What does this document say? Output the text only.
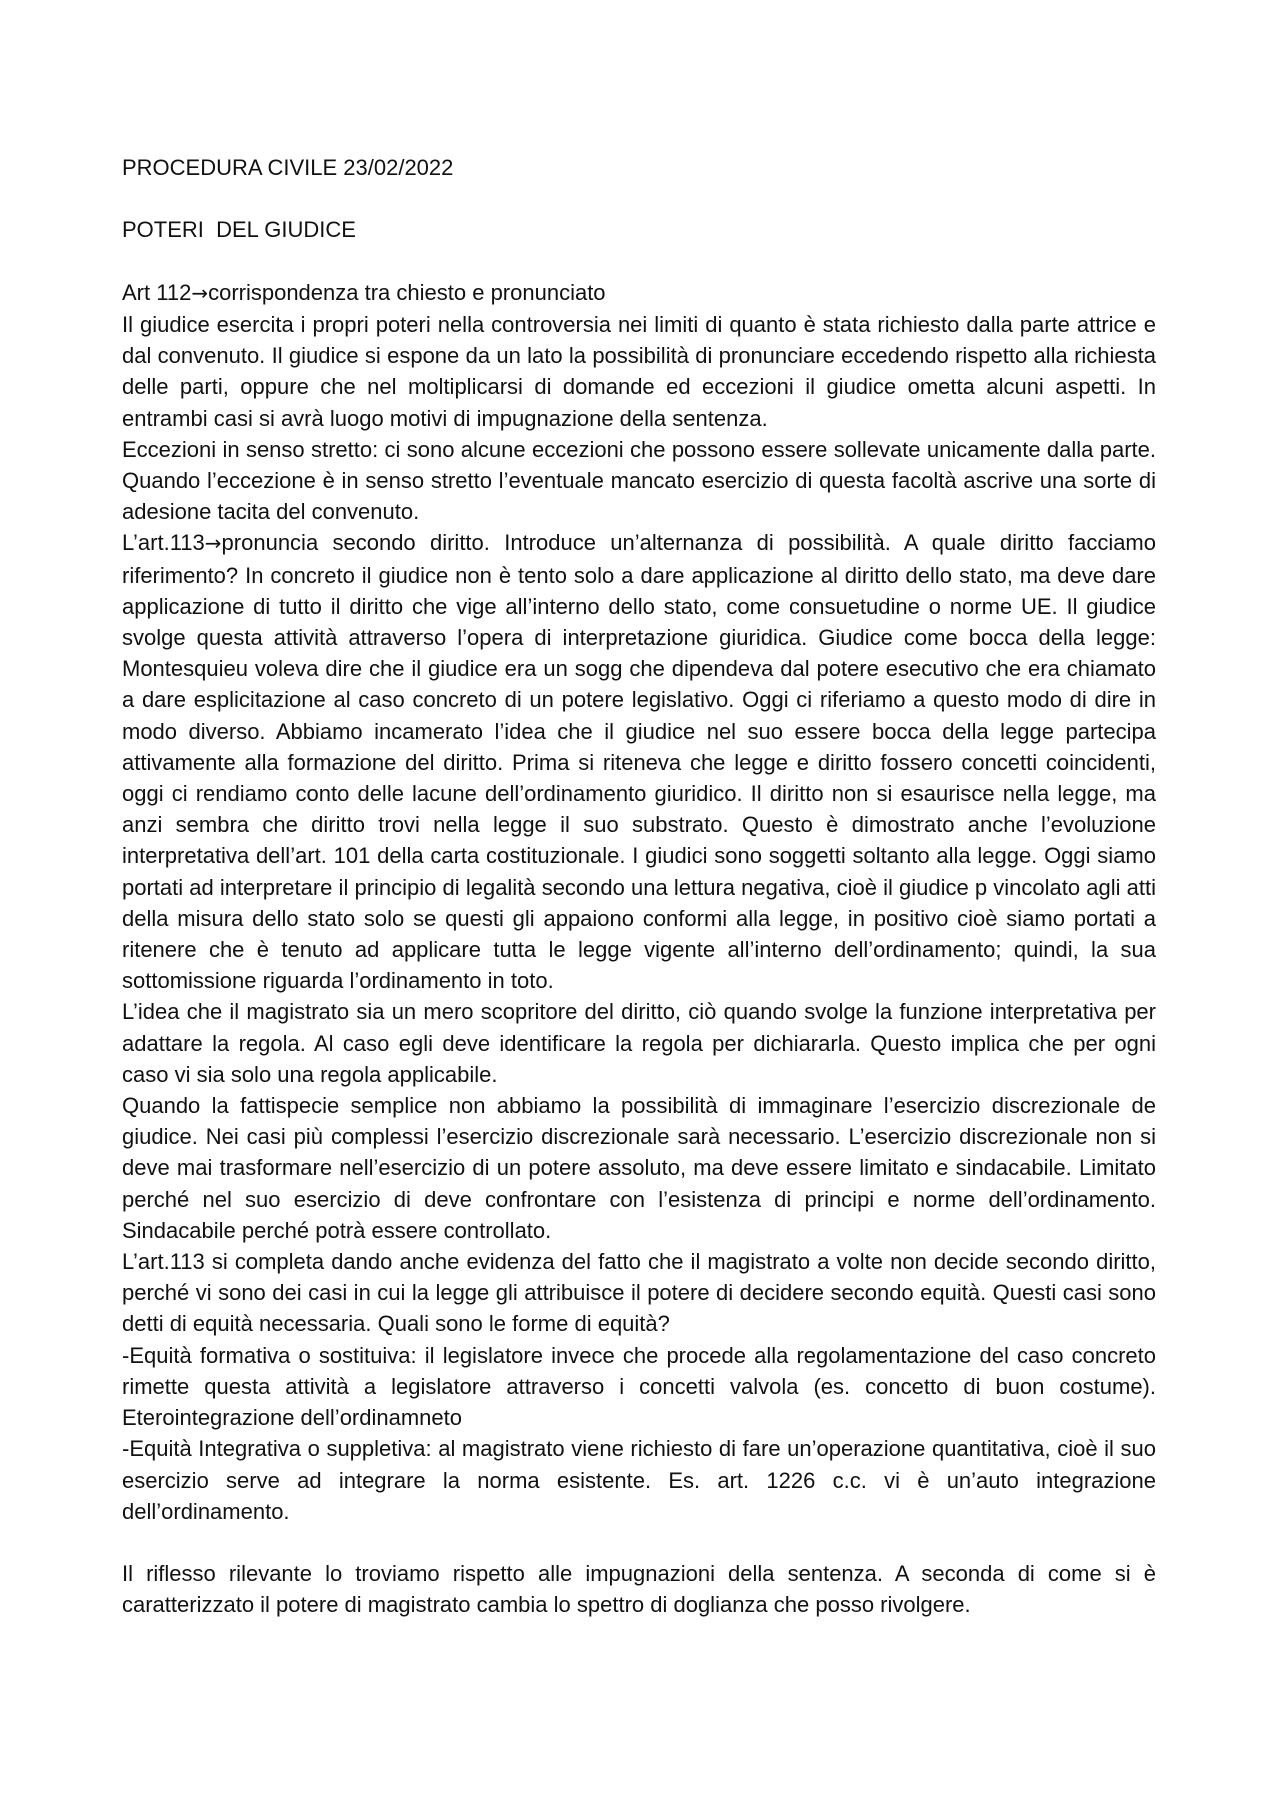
PROCEDURA CIVILE 23/02/2022

POTERI  DEL GIUDICE

Art 112→corrispondenza tra chiesto e pronunciato

Il giudice esercita i propri poteri nella controversia nei limiti di quanto è stata richiesto dalla parte attrice e dal convenuto. Il giudice si espone da un lato la possibilità di pronunciare eccedendo rispetto alla richiesta delle parti, oppure che nel moltiplicarsi di domande ed eccezioni il giudice ometta alcuni aspetti. In entrambi casi si avrà luogo motivi di impugnazione della sentenza.

Eccezioni in senso stretto: ci sono alcune eccezioni che possono essere sollevate unicamente dalla parte. Quando l’eccezione è in senso stretto l’eventuale mancato esercizio di questa facoltà ascrive una sorte di adesione tacita del convenuto.

L’art.113→pronuncia secondo diritto. Introduce un’alternanza di possibilità. A quale diritto facciamo riferimento? In concreto il giudice non è tento solo a dare applicazione al diritto dello stato, ma deve dare applicazione di tutto il diritto che vige all’interno dello stato, come consuetudine o norme UE. Il giudice svolge questa attività attraverso l’opera di interpretazione giuridica. Giudice come bocca della legge: Montesquieu voleva dire che il giudice era un sogg che dipendeva dal potere esecutivo che era chiamato a dare esplicitazione al caso concreto di un potere legislativo. Oggi ci riferiamo a questo modo di dire in modo diverso. Abbiamo incamerato l’idea che il giudice nel suo essere bocca della legge partecipa attivamente alla formazione del diritto. Prima si riteneva che legge e diritto fossero concetti coincidenti, oggi ci rendiamo conto delle lacune dell’ordinamento giuridico. Il diritto non si esaurisce nella legge, ma anzi sembra che diritto trovi nella legge il suo substrato. Questo è dimostrato anche l’evoluzione interpretativa dell’art. 101 della carta costituzionale. I giudici sono soggetti soltanto alla legge. Oggi siamo portati ad interpretare il principio di legalità secondo una lettura negativa, cioè il giudice p vincolato agli atti della misura dello stato solo se questi gli appaiono conformi alla legge, in positivo cioè siamo portati a ritenere che è tenuto ad applicare tutta le legge vigente all’interno dell’ordinamento; quindi, la sua sottomissione riguarda l’ordinamento in toto.

L’idea che il magistrato sia un mero scopritore del diritto, ciò quando svolge la funzione interpretativa per adattare la regola. Al caso egli deve identificare la regola per dichiararla. Questo implica che per ogni caso vi sia solo una regola applicabile.

Quando la fattispecie semplice non abbiamo la possibilità di immaginare l’esercizio discrezionale de giudice. Nei casi più complessi l’esercizio discrezionale sarà necessario. L’esercizio discrezionale non si deve mai trasformare nell’esercizio di un potere assoluto, ma deve essere limitato e sindacabile. Limitato perché nel suo esercizio di deve confrontare con l’esistenza di principi e norme dell’ordinamento. Sindacabile perché potrà essere controllato.

L’art.113 si completa dando anche evidenza del fatto che il magistrato a volte non decide secondo diritto, perché vi sono dei casi in cui la legge gli attribuisce il potere di decidere secondo equità. Questi casi sono detti di equità necessaria. Quali sono le forme di equità?

-Equità formativa o sostituiva: il legislatore invece che procede alla regolamentazione del caso concreto rimette questa attività a legislatore attraverso i concetti valvola (es. concetto di buon costume). Eterointegrazione dell’ordinamneto

-Equità Integrativa o suppletiva: al magistrato viene richiesto di fare un’operazione quantitativa, cioè il suo esercizio serve ad integrare la norma esistente. Es. art. 1226 c.c. vi è un’auto integrazione dell’ordinamento.

Il riflesso rilevante lo troviamo rispetto alle impugnazioni della sentenza. A seconda di come si è caratterizzato il potere di magistrato cambia lo spettro di doglianza che posso rivolgere.
